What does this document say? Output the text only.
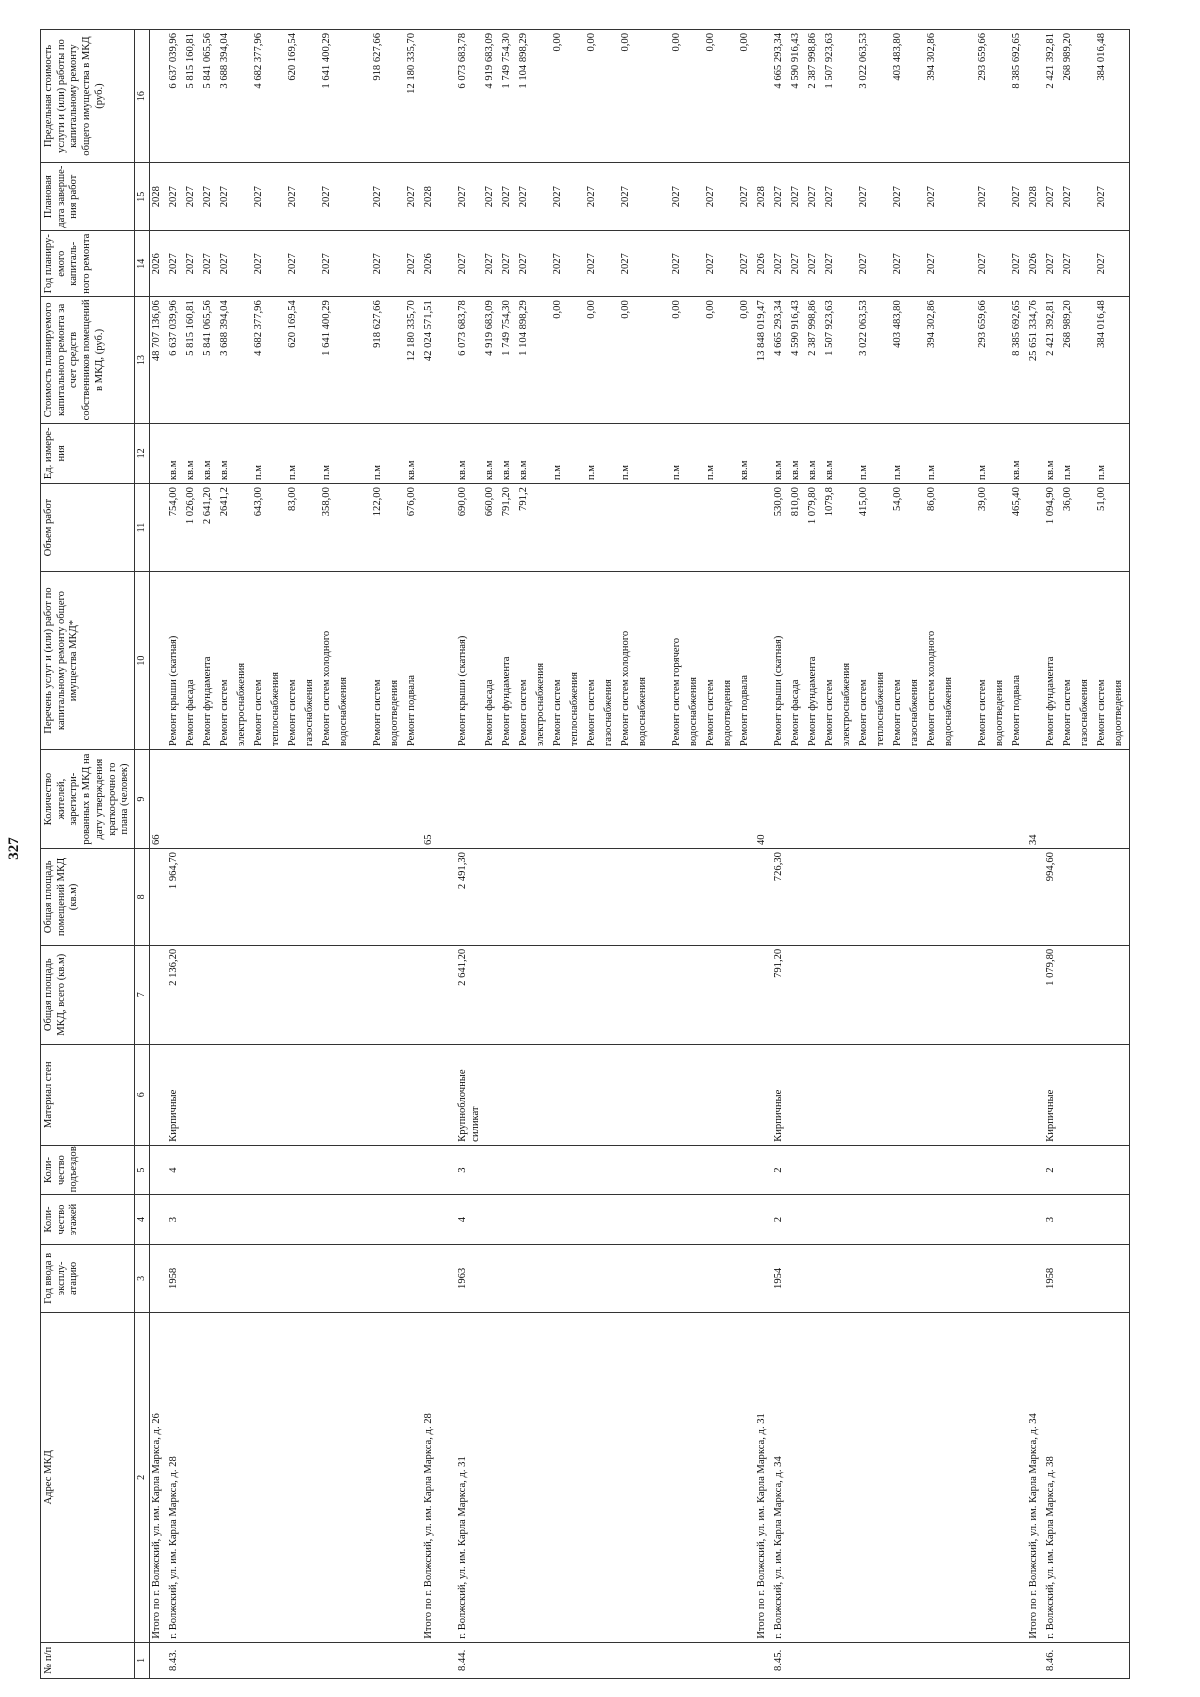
327
№ п/п	Адрес МКД	Год ввода в эксплу-атацию	Коли-чество этажей	Коли-чество подъездов	Материал стен	Общая площадь МКД, всего (кв.м)	Общая площадь помещений МКД (кв.м)	Количество жителей, зарегистри-рованных в МКД на дату утверждения краткосрочно го плана (человек)	Перечень услуг и (или) работ по капитальному ремонту общего имущества МКД*	Объем работ	Ед. измере-ния	Стоимость планируемого капитального ремонта за счет средств собственников помещений в МКД, (руб.)	Год планиру-емого капиталь-ного ремонта	Плановая дата заверше-ния работ	Предельная стоимость услуги и (или) работы по капитальному ремонту общего имущества в МКД (руб.)
1	2	3	4	5	6	7	8	9	10	11	12	13	14	15	16
	Итого по г. Волжский, ул. им. Карла Маркса, д. 26							66				48 707 136,06	2026	2028	
8.43.	г. Волжский, ул. им. Карла Маркса, д. 28	1958	3	4	Кирпичные	2 136,20	1 964,70		Ремонт крыши (скатная)	754,00	кв.м	6 637 039,96	2027	2027	6 637 039,96
									Ремонт фасада	1 026,00	кв.м	5 815 160,81	2027	2027	5 815 160,81
									Ремонт фундамента	2 641,20	кв.м	5 841 065,56	2027	2027	5 841 065,56
									Ремонт систем	2641,2	кв.м	3 688 394,04	2027	2027	3 688 394,04
									электроснабжения						
									Ремонт систем	643,00	п.м	4 682 377,96	2027	2027	4 682 377,96
									теплоснабжения						
									Ремонт систем	83,00	п.м	620 169,54	2027	2027	620 169,54
									газоснабжения						
									Ремонт систем холодного	358,00	п.м	1 641 400,29	2027	2027	1 641 400,29
									водоснабжения						

									Ремонт систем	122,00	п.м	918 627,66	2027	2027	918 627,66
									водоотведения						
									Ремонт подвала	676,00	кв.м	12 180 335,70	2027	2027	12 180 335,70
	Итого по г. Волжский, ул. им. Карла Маркса, д. 28							65				42 024 571,51	2026	2028	

8.44.	г. Волжский, ул. им. Карла Маркса, д. 31	1963	4	3	Крупноблочные силикат	2 641,20	2 491,30		Ремонт крыши (скатная)	690,00	кв.м	6 073 683,78	2027	2027	6 073 683,78
									Ремонт фасада	660,00	кв.м	4 919 683,09	2027	2027	4 919 683,09
									Ремонт фундамента	791,20	кв.м	1 749 754,30	2027	2027	1 749 754,30
									Ремонт систем	791,2	кв.м	1 104 898,29	2027	2027	1 104 898,29
									электроснабжения						
									Ремонт систем		п.м	0,00	2027	2027	0,00
									теплоснабжения						
									Ремонт систем		п.м	0,00	2027	2027	0,00
									газоснабжения						
									Ремонт систем холодного		п.м	0,00	2027	2027	0,00
									водоснабжения						

									Ремонт систем горячего		п.м	0,00	2027	2027	0,00
									водоснабжения						
									Ремонт систем		п.м	0,00	2027	2027	0,00
									водоотведения						
									Ремонт подвала		кв.м	0,00	2027	2027	0,00
	Итого по г. Волжский, ул. им. Карла Маркса, д. 31							40				13 848 019,47	2026	2028	
8.45.	г. Волжский, ул. им. Карла Маркса, д. 34	1954	2	2	Кирпичные	791,20	726,30		Ремонт крыши (скатная)	530,00	кв.м	4 665 293,34	2027	2027	4 665 293,34
									Ремонт фасада	810,00	кв.м	4 590 916,43	2027	2027	4 590 916,43
									Ремонт фундамента	1 079,80	кв.м	2 387 998,86	2027	2027	2 387 998,86
									Ремонт систем	1079,8	кв.м	1 507 923,63	2027	2027	1 507 923,63
									электроснабжения						
									Ремонт систем	415,00	п.м	3 022 063,53	2027	2027	3 022 063,53
									теплоснабжения						
									Ремонт систем	54,00	п.м	403 483,80	2027	2027	403 483,80
									газоснабжения						
									Ремонт систем холодного	86,00	п.м	394 302,86	2027	2027	394 302,86
									водоснабжения						

									Ремонт систем	39,00	п.м	293 659,66	2027	2027	293 659,66
									водоотведения						
									Ремонт подвала	465,40	кв.м	8 385 692,65	2027	2027	8 385 692,65
	Итого по г. Волжский, ул. им. Карла Маркса, д. 34							34				25 651 334,76	2026	2028	
8.46.	г. Волжский, ул. им. Карла Маркса, д. 38	1958	3	2	Кирпичные	1 079,80	994,60		Ремонт фундамента	1 094,90	кв.м	2 421 392,81	2027	2027	2 421 392,81
									Ремонт систем	36,00	п.м	268 989,20	2027	2027	268 989,20
									газоснабжения						
									Ремонт систем	51,00	п.м	384 016,48	2027	2027	384 016,48
									водоотведения						
